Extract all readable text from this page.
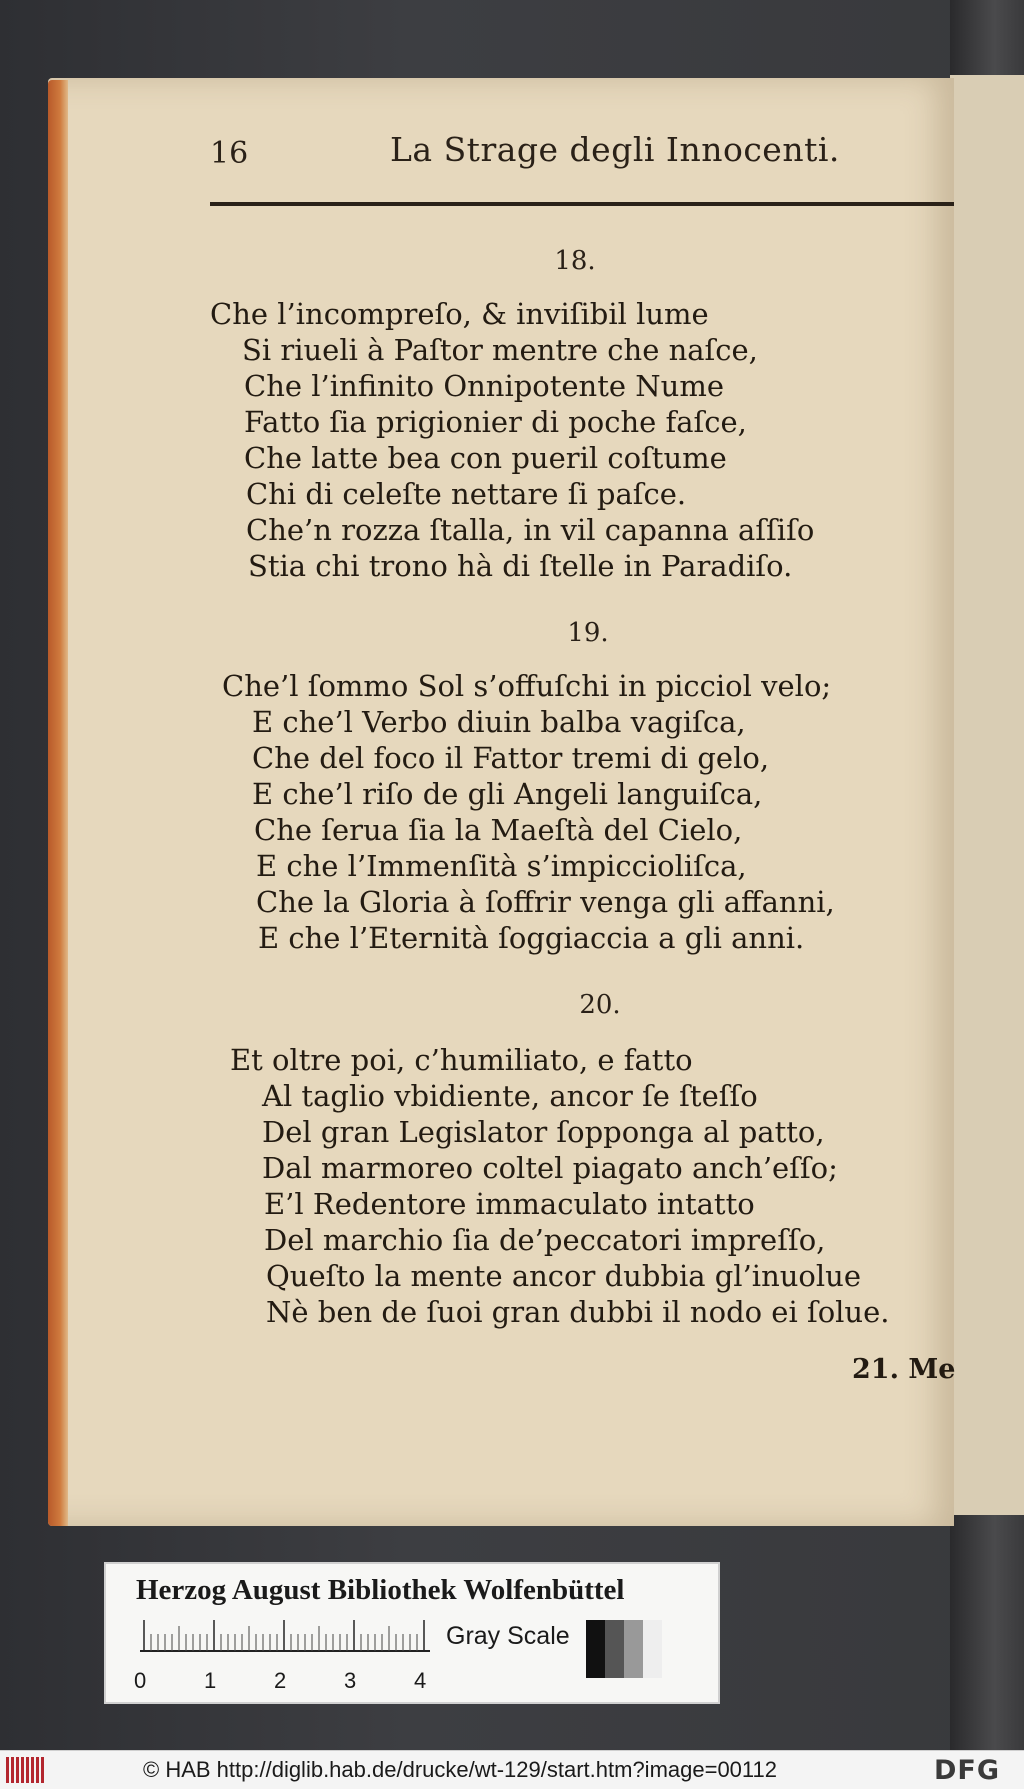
16	La Strage degli Innocenti.
18.
Che l’incompreſo, & inviſibil lume
Si riueli à Paſtor mentre che naſce,
Che l’infinito Onnipotente Nume
Fatto ſia prigionier di poche faſce,
Che latte bea con pueril coſtume
Chi di celeſte nettare ſi paſce.
Che’n rozza ſtalla, in vil capanna aſſiſo
Stia chi trono hà di ſtelle in Paradiſo.
19.
Che’l ſommo Sol s’offuſchi in picciol velo;
E che’l Verbo diuin balba vagiſca,
Che del foco il Fattor tremi di gelo,
E che’l riſo de gli Angeli languiſca,
Che ſerua ſia la Maeſtà del Cielo,
E che l’Immenſità s’impiccioliſca,
Che la Gloria à ſoffrir venga gli affanni,
E che l’Eternità ſoggiaccia a gli anni.
20.
Et oltre poi, c’humiliato, e fatto
Al taglio vbidiente, ancor ſe ſteſſo
Del gran Legislator ſopponga al patto,
Dal marmoreo coltel piagato anch’eſſo;
E’l Redentore immaculato intatto
Del marchio ſia de’peccatori impreſſo,
Queſto la mente ancor dubbia gl’inuolue
Nè ben de ſuoi gran dubbi il nodo ei ſolue.
21. Me
Herzog August Bibliothek Wolfenbüttel
0	1	2	3	4
Gray Scale
© HAB http://diglib.hab.de/drucke/wt-129/start.htm?image=00112	DFG
